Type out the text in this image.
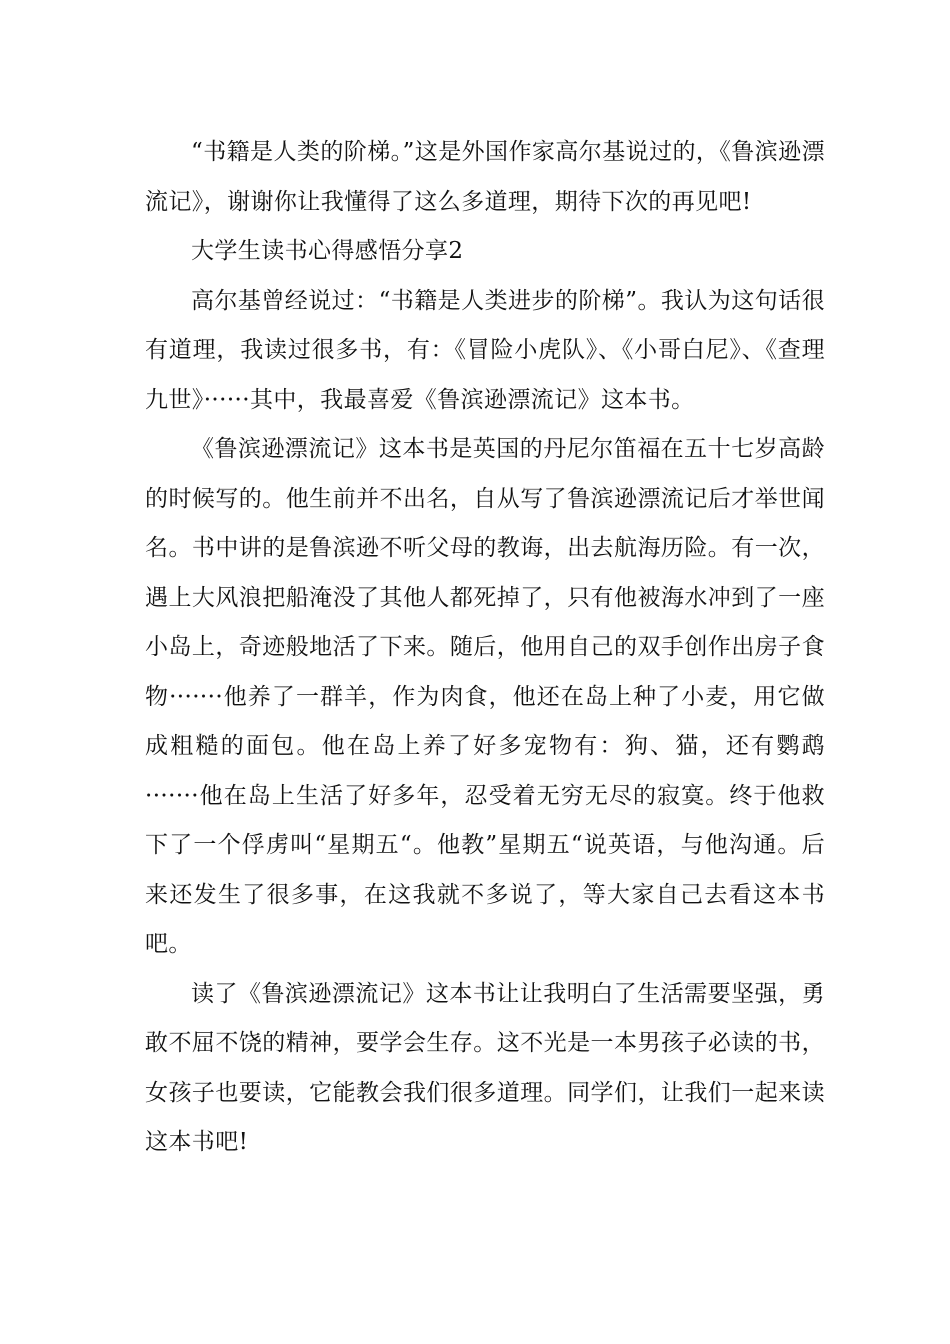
“书籍是人类的阶梯。”这是外国作家高尔基说过的，《鲁滨逊漂流记》，谢谢你让我懂得了这么多道理，期待下次的再见吧!

大学生读书心得感悟分享2

高尔基曾经说过：“书籍是人类进步的阶梯”。我认为这句话很有道理，我读过很多书，有：《冒险小虎队》、《小哥白尼》、《查理九世》······其中，我最喜爱《鲁滨逊漂流记》这本书。

《鲁滨逊漂流记》这本书是英国的丹尼尔笛福在五十七岁高龄的时候写的。他生前并不出名，自从写了鲁滨逊漂流记后才举世闻名。书中讲的是鲁滨逊不听父母的教诲，出去航海历险。有一次，遇上大风浪把船淹没了其他人都死掉了，只有他被海水冲到了一座小岛上，奇迹般地活了下来。随后，他用自己的双手创作出房子食物·······他养了一群羊，作为肉食，他还在岛上种了小麦，用它做成粗糙的面包。他在岛上养了好多宠物有：狗、猫，还有鹦鹉·······他在岛上生活了好多年，忍受着无穷无尽的寂寞。终于他救下了一个俘虏叫“星期五“。他教”星期五“说英语，与他沟通。后来还发生了很多事，在这我就不多说了，等大家自己去看这本书吧。

读了《鲁滨逊漂流记》这本书让让我明白了生活需要坚强，勇敢不屈不饶的精神，要学会生存。这不光是一本男孩子必读的书，女孩子也要读，它能教会我们很多道理。同学们，让我们一起来读这本书吧!
